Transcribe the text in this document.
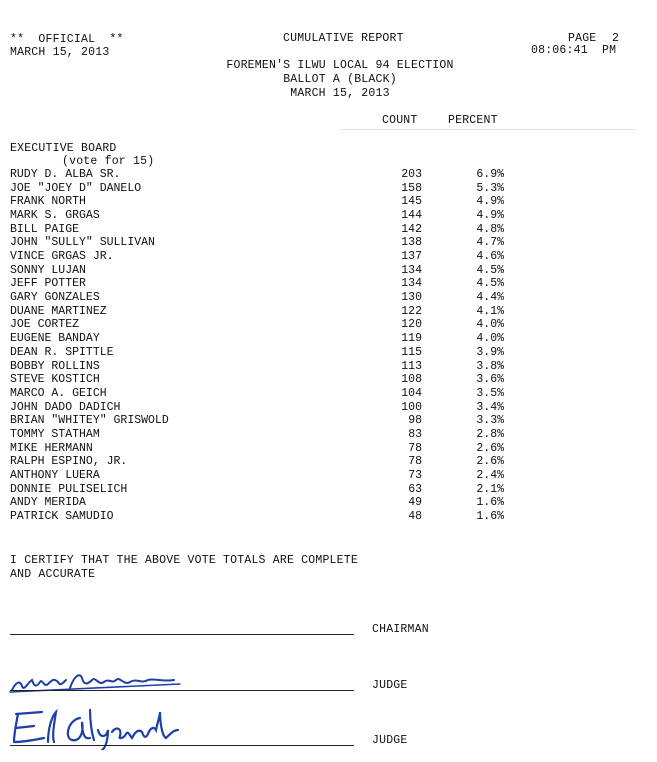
**  OFFICIAL  **
MARCH 15, 2013
CUMULATIVE REPORT	PAGE 2
08:06:41  PM
FOREMEN'S ILWU LOCAL 94 ELECTION
BALLOT A (BLACK)
MARCH 15, 2013
COUNT	PERCENT
EXECUTIVE BOARD
(vote for 15)
RUDY D. ALBA SR.	203	6.9%
JOE "JOEY D" DANELO	158	5.3%
FRANK NORTH	145	4.9%
MARK S. GRGAS	144	4.9%
BILL PAIGE	142	4.8%
JOHN "SULLY" SULLIVAN	138	4.7%
VINCE GRGAS JR.	137	4.6%
SONNY LUJAN	134	4.5%
JEFF POTTER	134	4.5%
GARY GONZALES	130	4.4%
DUANE MARTINEZ	122	4.1%
JOE CORTEZ	120	4.0%
EUGENE BANDAY	119	4.0%
DEAN R. SPITTLE	115	3.9%
BOBBY ROLLINS	113	3.8%
STEVE KOSTICH	108	3.6%
MARCO A. GEICH	104	3.5%
JOHN DADO DADICH	100	3.4%
BRIAN "WHITEY" GRISWOLD	98	3.3%
TOMMY STATHAM	83	2.8%
MIKE HERMANN	78	2.6%
RALPH ESPINO, JR.	78	2.6%
ANTHONY LUERA	73	2.4%
DONNIE PULISELICH	63	2.1%
ANDY MERIDA	49	1.6%
PATRICK SAMUDIO	48	1.6%
I CERTIFY THAT THE ABOVE VOTE TOTALS ARE COMPLETE
AND ACCURATE
CHAIRMAN
JUDGE
JUDGE
